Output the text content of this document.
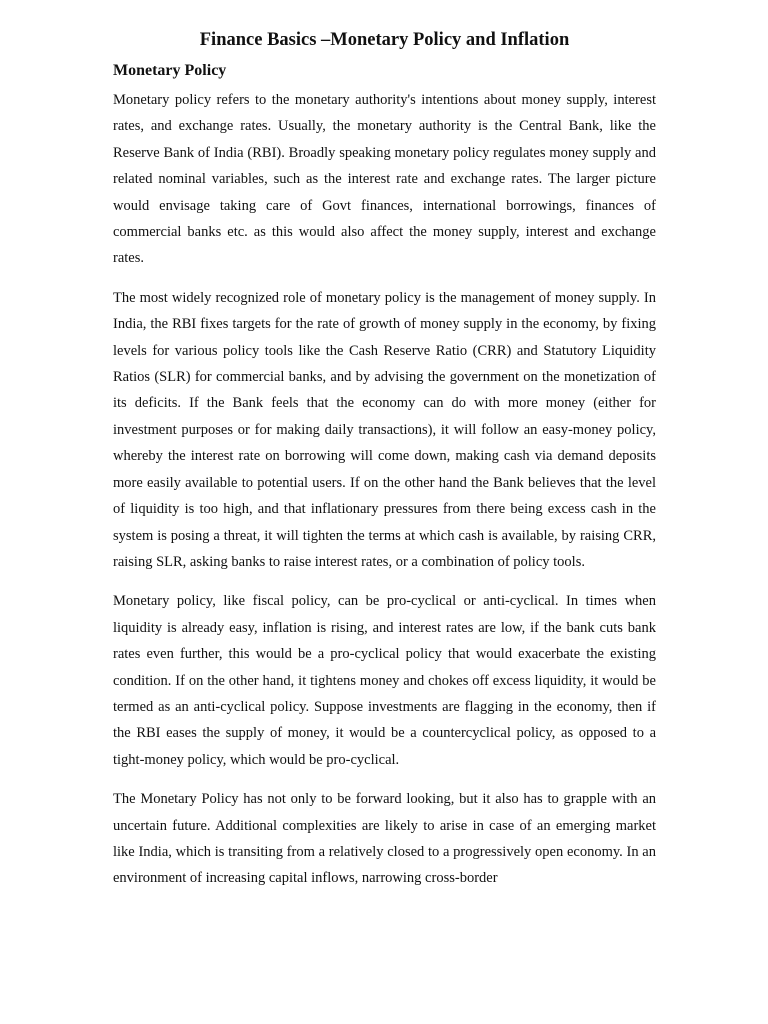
Finance Basics –Monetary Policy and Inflation
Monetary Policy

Monetary policy refers to the monetary authority's intentions about money supply, interest rates, and exchange rates. Usually, the monetary authority is the Central Bank, like the Reserve Bank of India (RBI). Broadly speaking monetary policy regulates money supply and related nominal variables, such as the interest rate and exchange rates. The larger picture would envisage taking care of Govt finances, international borrowings, finances of commercial banks etc. as this would also affect the money supply, interest and exchange rates.

The most widely recognized role of monetary policy is the management of money supply. In India, the RBI fixes targets for the rate of growth of money supply in the economy, by fixing levels for various policy tools like the Cash Reserve Ratio (CRR) and Statutory Liquidity Ratios (SLR) for commercial banks, and by advising the government on the monetization of its deficits. If the Bank feels that the economy can do with more money (either for investment purposes or for making daily transactions), it will follow an easy-money policy, whereby the interest rate on borrowing will come down, making cash via demand deposits more easily available to potential users. If on the other hand the Bank believes that the level of liquidity is too high, and that inflationary pressures from there being excess cash in the system is posing a threat, it will tighten the terms at which cash is available, by raising CRR, raising SLR, asking banks to raise interest rates, or a combination of policy tools.

Monetary policy, like fiscal policy, can be pro-cyclical or anti-cyclical. In times when liquidity is already easy, inflation is rising, and interest rates are low, if the bank cuts bank rates even further, this would be a pro-cyclical policy that would exacerbate the existing condition. If on the other hand, it tightens money and chokes off excess liquidity, it would be termed as an anti-cyclical policy. Suppose investments are flagging in the economy, then if the RBI eases the supply of money, it would be a countercyclical policy, as opposed to a tight-money policy, which would be pro-cyclical.

The Monetary Policy has not only to be forward looking, but it also has to grapple with an uncertain future. Additional complexities are likely to arise in case of an emerging market like India, which is transiting from a relatively closed to a progressively open economy. In an environment of increasing capital inflows, narrowing cross-border
